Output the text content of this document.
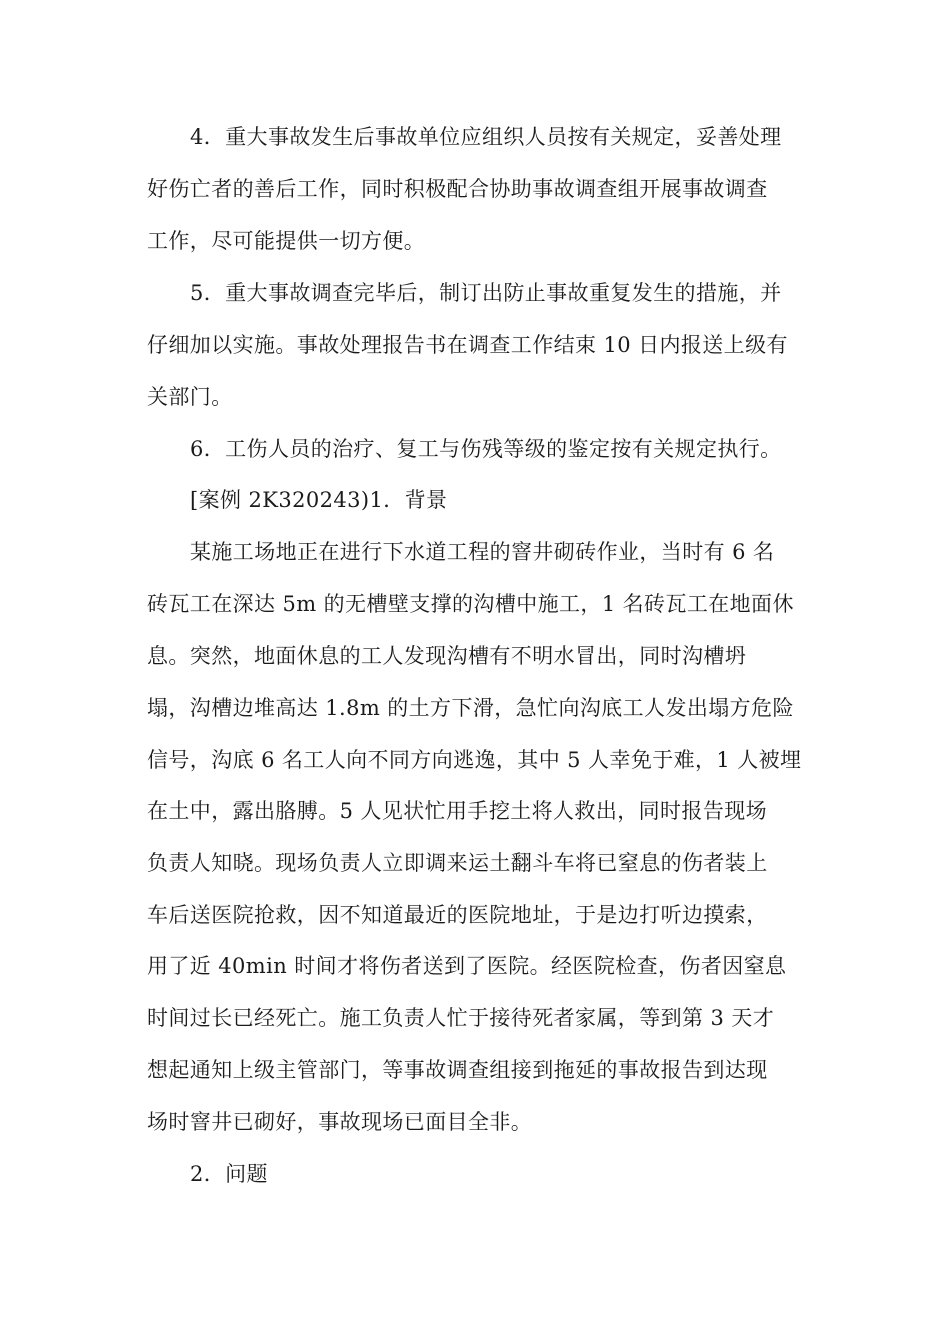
4．重大事故发生后事故单位应组织人员按有关规定，妥善处理
好伤亡者的善后工作，同时积极配合协助事故调查组开展事故调查
工作，尽可能提供一切方便。
5．重大事故调查完毕后，制订出防止事故重复发生的措施，并
仔细加以实施。事故处理报告书在调查工作结束 10 日内报送上级有
关部门。
6．工伤人员的治疗、复工与伤残等级的鉴定按有关规定执行。
[案例 2K320243)1．背景
某施工场地正在进行下水道工程的窨井砌砖作业，当时有 6 名
砖瓦工在深达 5m 的无槽壁支撑的沟槽中施工，1 名砖瓦工在地面休
息。突然，地面休息的工人发现沟槽有不明水冒出，同时沟槽坍
塌，沟槽边堆高达 1.8m 的土方下滑，急忙向沟底工人发出塌方危险
信号，沟底 6 名工人向不同方向逃逸，其中 5 人幸免于难，1 人被埋
在土中，露出胳膊。5 人见状忙用手挖土将人救出，同时报告现场
负责人知晓。现场负责人立即调来运土翻斗车将已窒息的伤者装上
车后送医院抢救，因不知道最近的医院地址，于是边打听边摸索，
用了近 40min 时间才将伤者送到了医院。经医院检查，伤者因窒息
时间过长已经死亡。施工负责人忙于接待死者家属，等到第 3 天才
想起通知上级主管部门，等事故调查组接到拖延的事故报告到达现
场时窨井已砌好，事故现场已面目全非。
2．问题
